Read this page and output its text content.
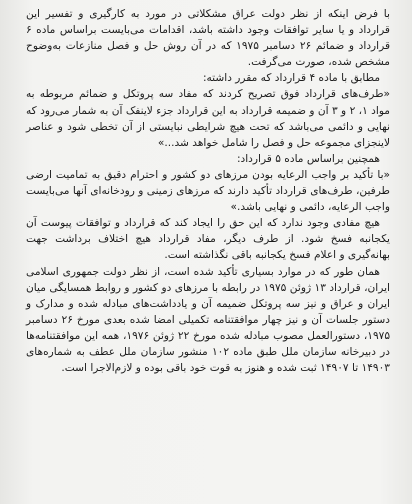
با فرض اینکه از نظر دولت عراق مشکلاتی در مورد به کارگیری و تفسیر این قرارداد و یا سایر توافقات وجود داشته باشد، اقدامات می‌بایست براساس ماده ۶ قرارداد و ضمائم ۲۶ دسامبر ۱۹۷۵ که در آن روش حل و فصل منازعات به‌وضوح مشخص شده، صورت می‌گرفت.

مطابق با ماده ۴ قرارداد که مقرر داشته:

«طرف‌های قرارداد فوق تصریح کردند که مفاد سه پروتکل و ضمائم مربوطه به مواد ۱، ۲ و ۳ آن و ضمیمه قرارداد به این قرارداد جزء لاینفک آن به شمار می‌رود که نهایی و دائمی می‌باشد که تحت هیچ شرایطی نبایستی از آن تخطی شود و عناصر لاینجزای مجموعه حل و فصل را شامل خواهد شد...»

همچنین براساس ماده ۵ قرارداد:

«با تأکید بر واجب الرعایه بودن مرزهای دو کشور و احترام دقیق به تمامیت ارضی طرفین، طرف‌های قرارداد تأکید دارند که مرزهای زمینی و رودخانه‌ای آنها می‌بایست واجب الرعایه، دائمی و نهایی باشد.»

هیچ مفادی وجود ندارد که این حق را ایجاد کند که قرارداد و توافقات پیوست آن یکجانبه فسخ شود. از طرف دیگر، مفاد قرارداد هیچ اختلاف برداشت جهت بهانه‌گیری و اعلام فسخ یکجانبه باقی نگذاشته است.

همان طور که در موارد بسیاری تأکید شده است، از نظر دولت جمهوری اسلامی ایران، قرارداد ۱۳ ژوئن ۱۹۷۵ در رابطه با مرزهای دو کشور و روابط همسایگی میان ایران و عراق و نیز سه پروتکل ضمیمه آن و یادداشت‌های مبادله شده و مدارک و دستور جلسات آن و نیز چهار موافقتنامه تکمیلی امضا شده بعدی مورخ ۲۶ دسامبر ۱۹۷۵، دستورالعمل مصوب مبادله شده مورخ ۲۲ ژوئن ۱۹۷۶، همه این موافقتنامه‌ها در دبیرخانه سازمان ملل طبق ماده ۱۰۲ منشور سازمان ملل عطف به شماره‌های ۱۴۹۰۳ تا ۱۴۹۰۷ ثبت شده و هنوز به قوت خود باقی بوده و لازم‌الاجرا است.
